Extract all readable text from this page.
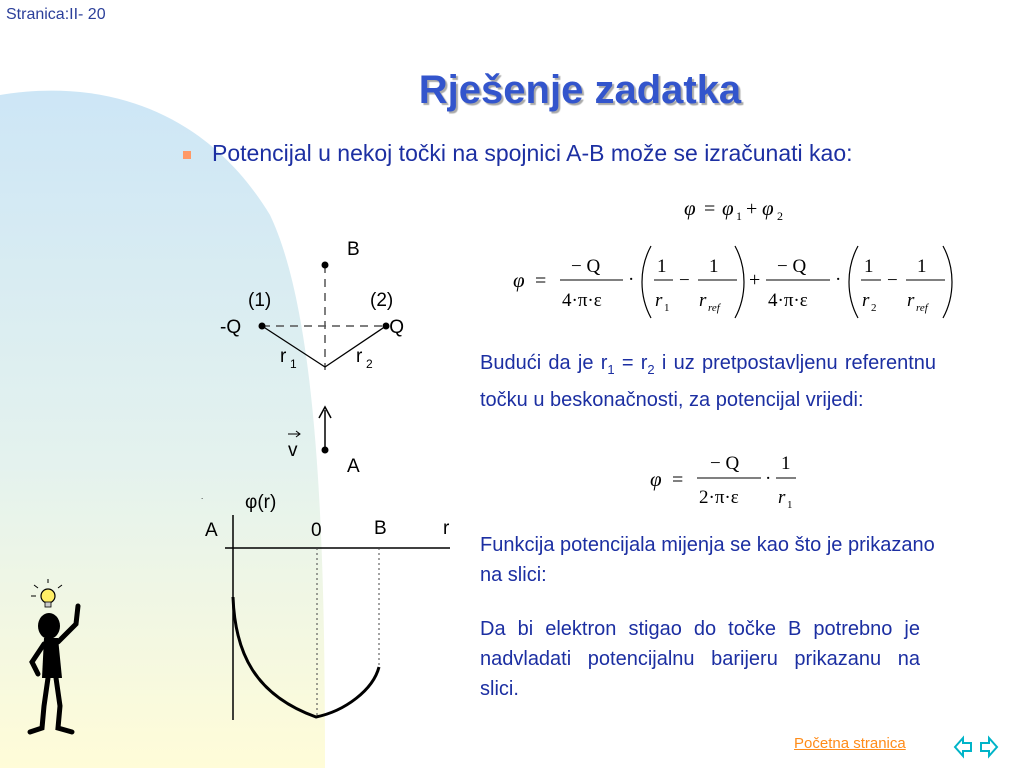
Stranica:II- 20
Rješenje zadatka
Potencijal u nekoj točki na spojnici A-B može se izračunati kao:
φ = φ 1 + φ 2
φ =
− Q
4·π·ε
·
1
r 1
−
1
r ref
+
− Q
4·π·ε
·
1
r 2
−
1
r ref
Budući da je $r_1 = r_2$ i uz pretpostavljenu referentnu točku u beskonačnosti, za potencijal vrijedi:
φ =
− Q
2·π·ε
·
1
r 1
Funkcija potencijala mijenja se kao što je prikazano na slici:
Da bi elektron stigao do točke B potrebno je nadvladati potencijalnu barijeru prikazanu na slici.
B
A
(1)	(2)
-Q	-Q
r 1	r 2
v
. φ(r)
A	0	B	r
Početna stranica
